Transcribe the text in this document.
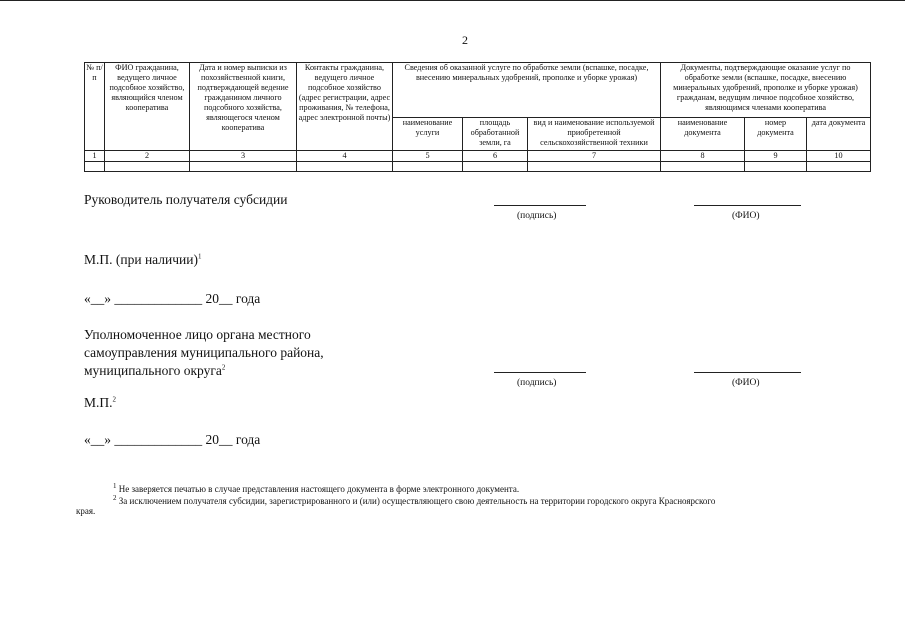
2
№ п/п	ФИО гражданина, ведущего личное подсобное хозяйство, являющийся членом кооператива	Дата и номер выписки из похозяйственной книги, подтверждающей ведение гражданином личного подсобного хозяйства, являющегося членом кооператива	Контакты гражданина, ведущего личное подсобное хозяйство (адрес регистрации, адрес проживания, № телефона, адрес электронной почты)	Сведения об оказанной услуге по обработке земли (вспашке, посадке, внесению минеральных удобрений, прополке и уборке урожая)			Документы, подтверждающие оказание услуг по обработке земли (вспашке, посадке, внесению минеральных удобрений, прополке и уборке урожая) гражданам, ведущим личное подсобное хозяйство, являющимся членами кооператива		
				наименование услуги	площадь обработанной земли, га	вид и наименование используемой приобретенной сельскохозяйственной техники	наименование документа	номер документа	дата документа
1	2	3	4	5	6	7	8	9	10

Руководитель получателя субсидии
(подпись)	(ФИО)
М.П. (при наличии)$^1$
«__» _____________ 20__ года
Уполномоченное лицо органа местного
самоуправления муниципального района,
муниципального округа$^2$
(подпись)	(ФИО)
М.П.$^2$
«__» _____________ 20__ года
$^1$ Не заверяется печатью в случае представления настоящего документа в форме электронного документа.
$^2$ За исключением получателя субсидии, зарегистрированного и (или) осуществляющего свою деятельность на территории городского округа Красноярского
края.
